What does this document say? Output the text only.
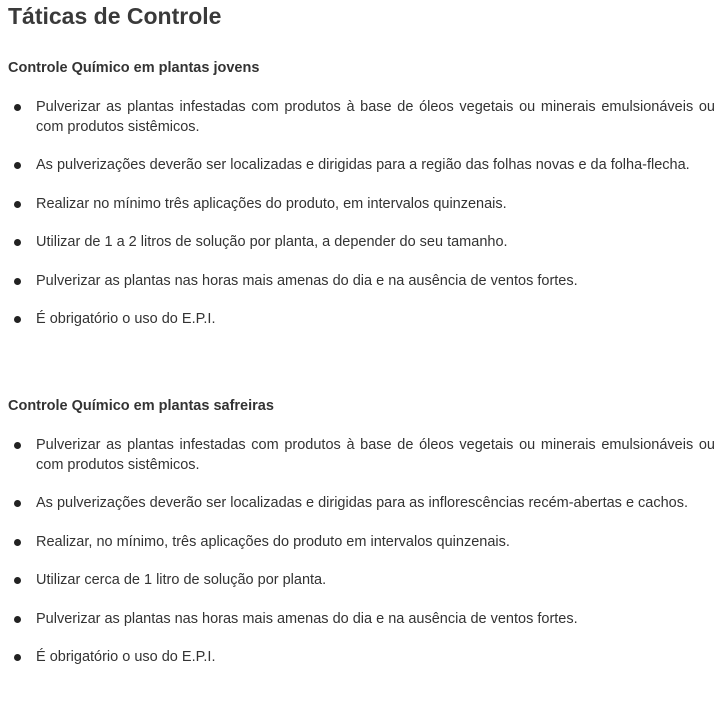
Táticas de Controle
Controle Químico em plantas jovens
Pulverizar as plantas infestadas com produtos à base de óleos vegetais ou minerais emulsionáveis ou com produtos sistêmicos.
As pulverizações deverão ser localizadas e dirigidas para a região das folhas novas e da folha-flecha.
Realizar no mínimo três aplicações do produto, em intervalos quinzenais.
Utilizar de 1 a 2 litros de solução por planta, a depender do seu tamanho.
Pulverizar as plantas nas horas mais amenas do dia e na ausência de ventos fortes.
É obrigatório o uso do E.P.I.
Controle Químico em plantas safreiras
Pulverizar as plantas infestadas com produtos à base de óleos vegetais ou minerais emulsionáveis ou com produtos sistêmicos.
As pulverizações deverão ser localizadas e dirigidas para as inflorescências recém-abertas e cachos.
Realizar, no mínimo, três aplicações do produto em intervalos quinzenais.
Utilizar cerca de 1 litro de solução por planta.
Pulverizar as plantas nas horas mais amenas do dia e na ausência de ventos fortes.
É obrigatório o uso do E.P.I.
